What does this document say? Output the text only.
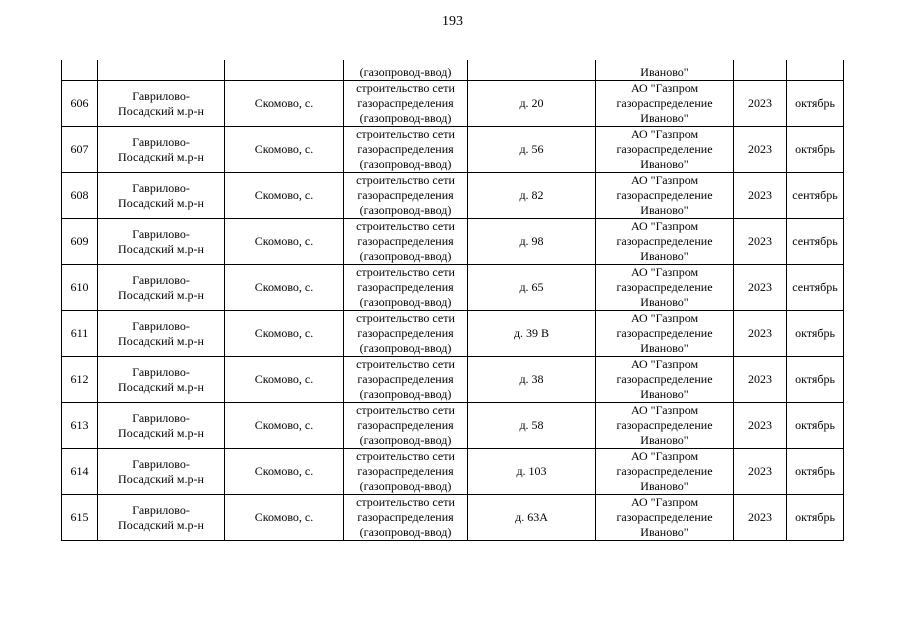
193
			(газопровод-ввод)		Иваново"		
606	Гаврилово-
Посадский м.р-н	Скомово, с.	строительство сети
газораспределения
(газопровод-ввод)	д. 20	АО "Газпром
газораспределение
Иваново"	2023	октябрь
607	Гаврилово-
Посадский м.р-н	Скомово, с.	строительство сети
газораспределения
(газопровод-ввод)	д. 56	АО "Газпром
газораспределение
Иваново"	2023	октябрь
608	Гаврилово-
Посадский м.р-н	Скомово, с.	строительство сети
газораспределения
(газопровод-ввод)	д. 82	АО "Газпром
газораспределение
Иваново"	2023	сентябрь
609	Гаврилово-
Посадский м.р-н	Скомово, с.	строительство сети
газораспределения
(газопровод-ввод)	д. 98	АО "Газпром
газораспределение
Иваново"	2023	сентябрь
610	Гаврилово-
Посадский м.р-н	Скомово, с.	строительство сети
газораспределения
(газопровод-ввод)	д. 65	АО "Газпром
газораспределение
Иваново"	2023	сентябрь
611	Гаврилово-
Посадский м.р-н	Скомово, с.	строительство сети
газораспределения
(газопровод-ввод)	д. 39 В	АО "Газпром
газораспределение
Иваново"	2023	октябрь
612	Гаврилово-
Посадский м.р-н	Скомово, с.	строительство сети
газораспределения
(газопровод-ввод)	д. 38	АО "Газпром
газораспределение
Иваново"	2023	октябрь
613	Гаврилово-
Посадский м.р-н	Скомово, с.	строительство сети
газораспределения
(газопровод-ввод)	д. 58	АО "Газпром
газораспределение
Иваново"	2023	октябрь
614	Гаврилово-
Посадский м.р-н	Скомово, с.	строительство сети
газораспределения
(газопровод-ввод)	д. 103	АО "Газпром
газораспределение
Иваново"	2023	октябрь
615	Гаврилово-
Посадский м.р-н	Скомово, с.	строительство сети
газораспределения
(газопровод-ввод)	д. 63А	АО "Газпром
газораспределение
Иваново"	2023	октябрь
